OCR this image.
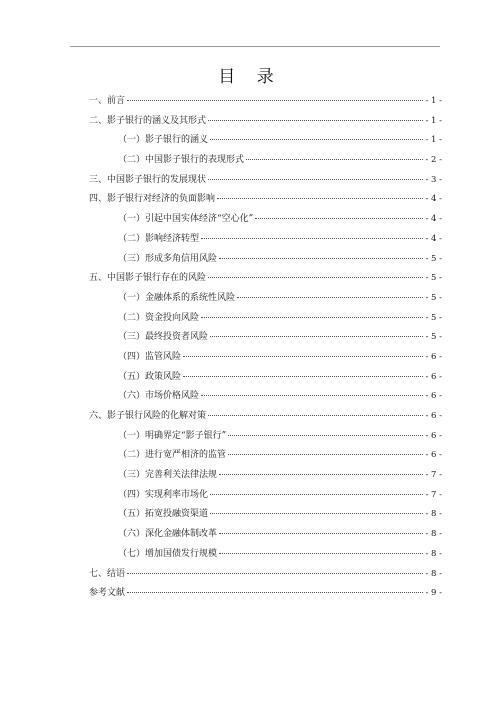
目 录
一、前言	- 1 -
二、影子银行的涵义及其形式	- 1 -
（一）影子银行的涵义	- 1 -
（二）中国影子银行的表现形式	- 2 -
三、中国影子银行的发展现状	- 3 -
四、影子银行对经济的负面影响	- 4 -
（一）引起中国实体经济“空心化”	- 4 -
（二）影响经济转型	- 4 -
（三）形成多角信用风险	- 5 -
五、中国影子银行存在的风险	- 5 -
（一）金融体系的系统性风险	- 5 -
（二）资金投向风险	- 5 -
（三）最终投资者风险	- 5 -
（四）监管风险	- 6 -
（五）政策风险	- 6 -
（六）市场价格风险	- 6 -
六、影子银行风险的化解对策	- 6 -
（一）明确界定“影子银行”	- 6 -
（二）进行宽严相济的监管	- 6 -
（三）完善利关法律法规	- 7 -
（四）实现利率市场化	- 7 -
（五）拓宽投融资渠道	- 8 -
（六）深化金融体制改革	- 8 -
（七）增加国债发行规模	- 8 -
七、结语	- 8 -
参考文献	- 9 -
